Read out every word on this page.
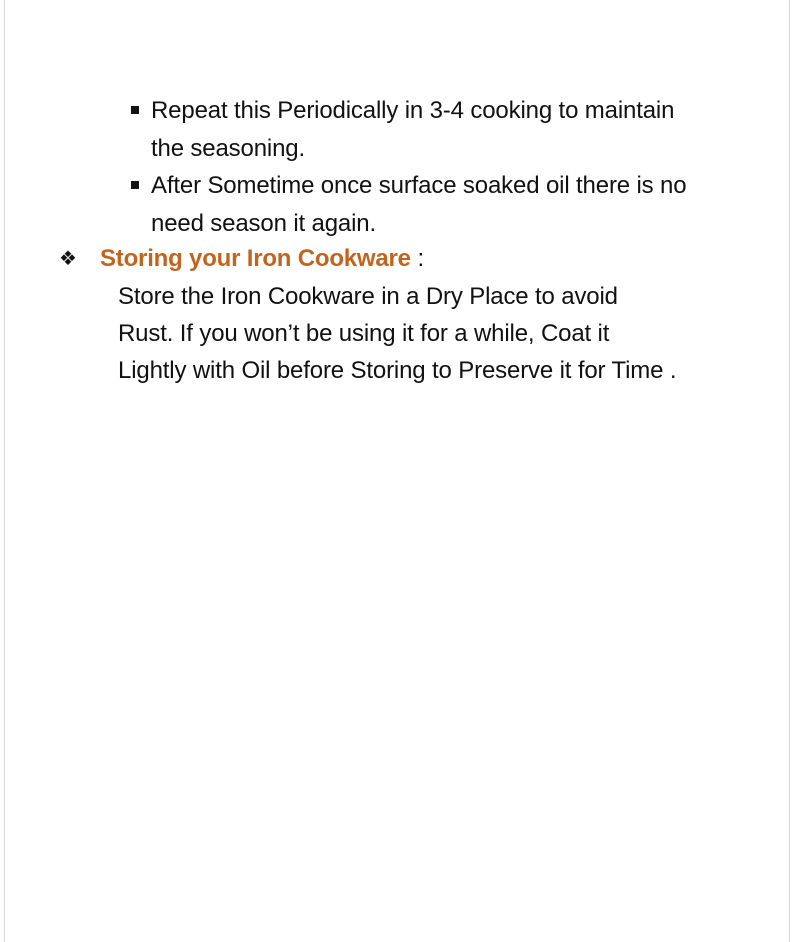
Repeat this Periodically in 3-4 cooking to maintain the seasoning.
After Sometime once surface soaked oil there is no need season it again.
❖ Storing your Iron Cookware :

Store the Iron Cookware in a Dry Place to avoid Rust. If you won’t be using it for a while, Coat it Lightly with Oil before Storing to Preserve it for Time .
